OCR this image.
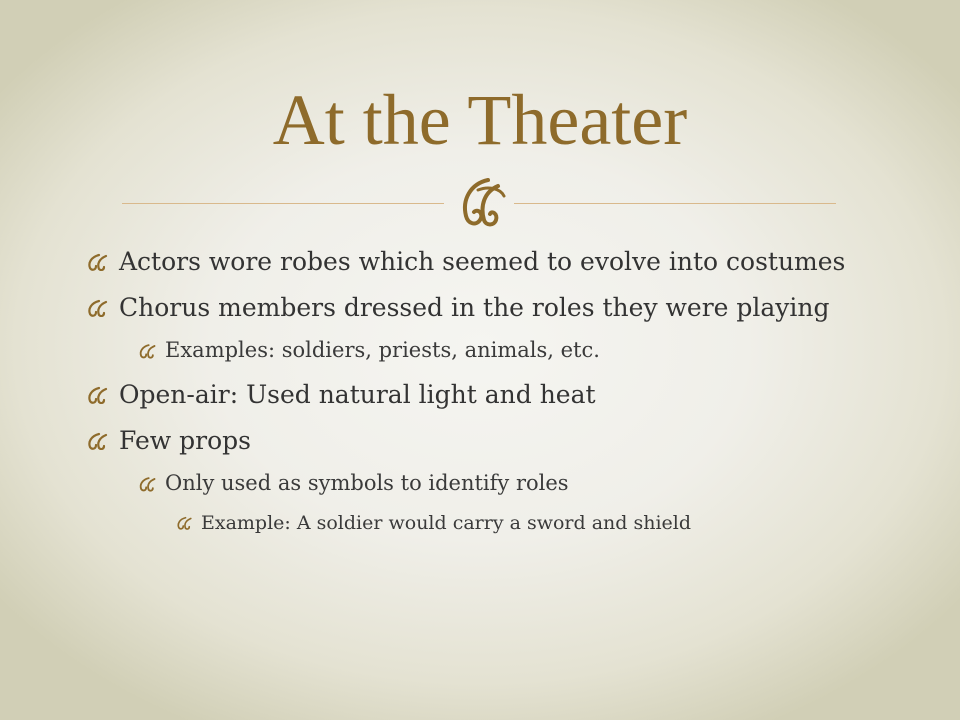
At the Theater
Actors wore robes which seemed to evolve into costumes
Chorus members dressed in the roles they were playing
Examples: soldiers, priests, animals, etc.
Open-air: Used natural light and heat
Few props
Only used as symbols to identify roles
Example: A soldier would carry a sword and shield
